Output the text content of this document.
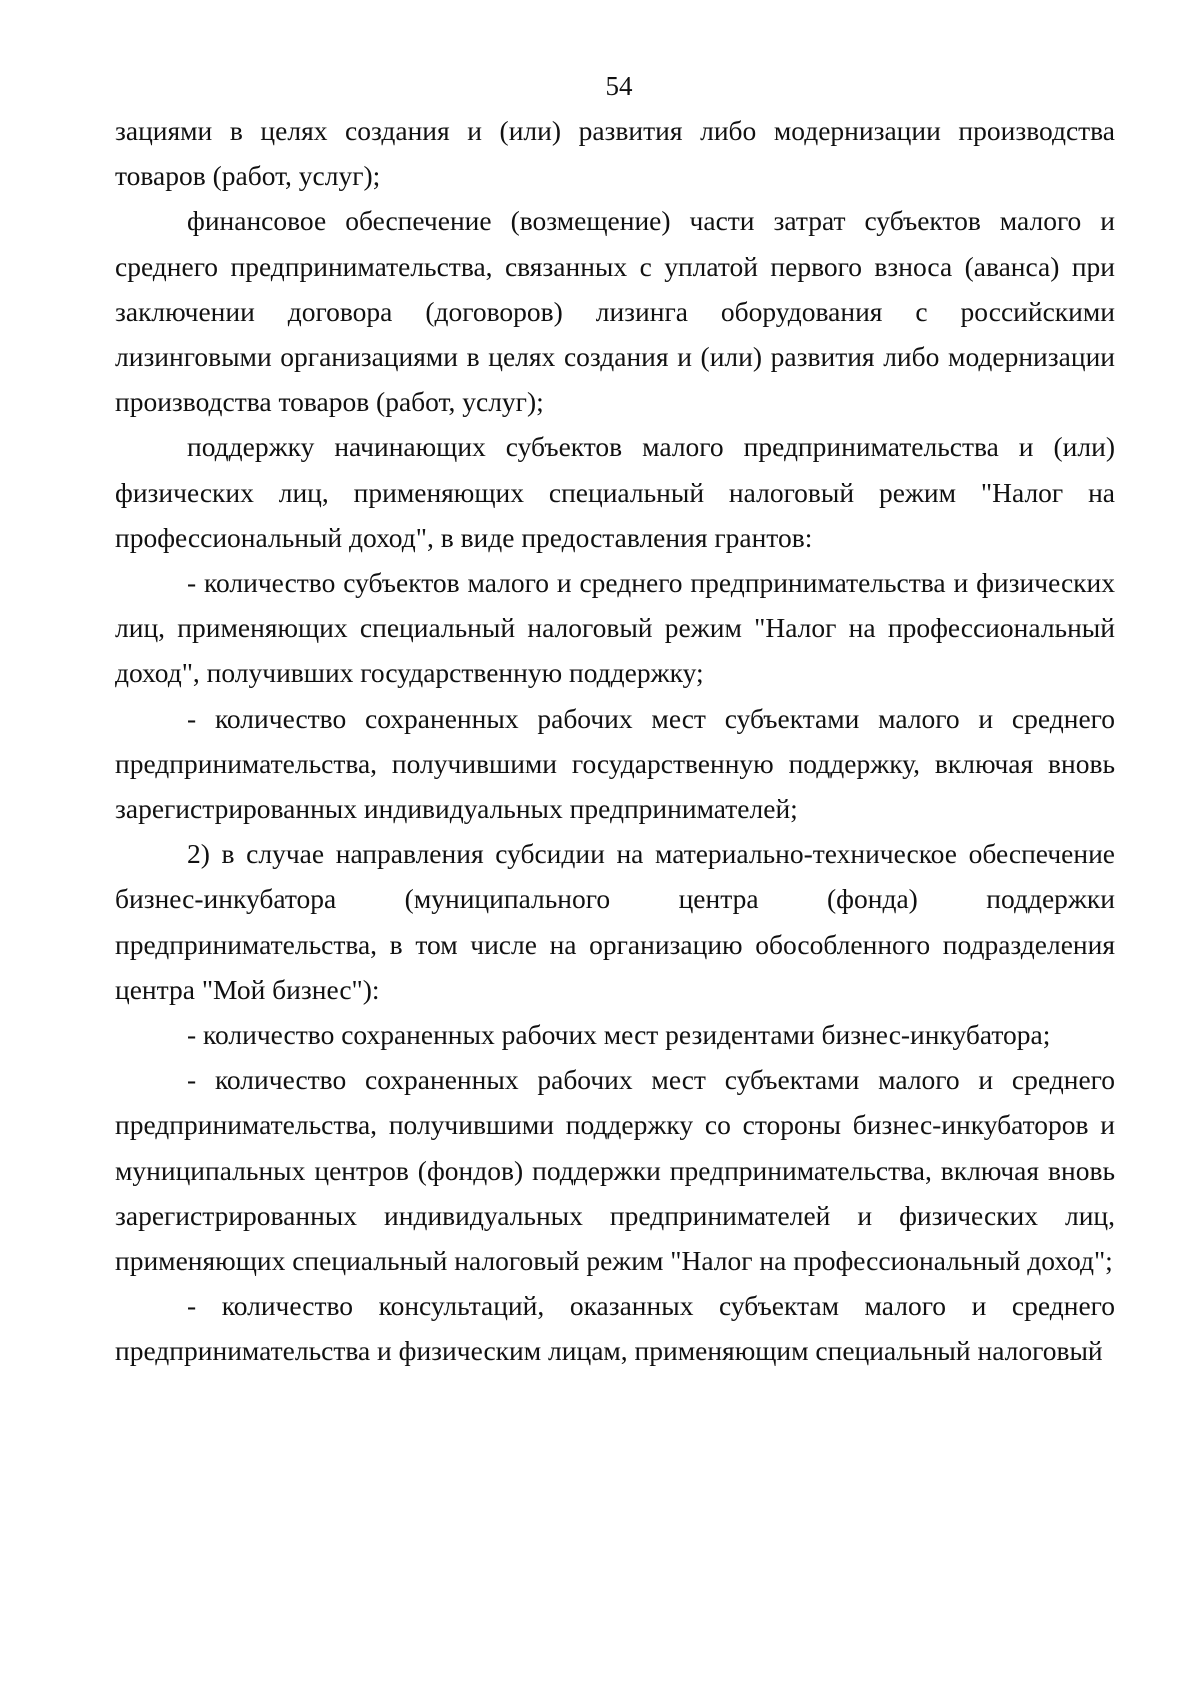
54

зациями в целях создания и (или) развития либо модернизации производства товаров (работ, услуг);

финансовое обеспечение (возмещение) части затрат субъектов малого и среднего предпринимательства, связанных с уплатой первого взноса (аванса) при заключении договора (договоров) лизинга оборудования с российскими лизинговыми организациями в целях создания и (или) развития либо модернизации производства товаров (работ, услуг);

поддержку начинающих субъектов малого предпринимательства и (или) физических лиц, применяющих специальный налоговый режим "Налог на профессиональный доход", в виде предоставления грантов:

- количество субъектов малого и среднего предпринимательства и физических лиц, применяющих специальный налоговый режим "Налог на профессиональный доход", получивших государственную поддержку;

- количество сохраненных рабочих мест субъектами малого и среднего предпринимательства, получившими государственную поддержку, включая вновь зарегистрированных индивидуальных предпринимателей;

2) в случае направления субсидии на материально-техническое обеспечение бизнес-инкубатора (муниципального центра (фонда) поддержки предпринимательства, в том числе на организацию обособленного подразделения центра "Мой бизнес"):

- количество сохраненных рабочих мест резидентами бизнес-инкубатора;

- количество сохраненных рабочих мест субъектами малого и среднего предпринимательства, получившими поддержку со стороны бизнес-инкубаторов и муниципальных центров (фондов) поддержки предпринимательства, включая вновь зарегистрированных индивидуальных предпринимателей и физических лиц, применяющих специальный налоговый режим "Налог на профессиональный доход";

- количество консультаций, оказанных субъектам малого и среднего предпринимательства и физическим лицам, применяющим специальный налоговый
